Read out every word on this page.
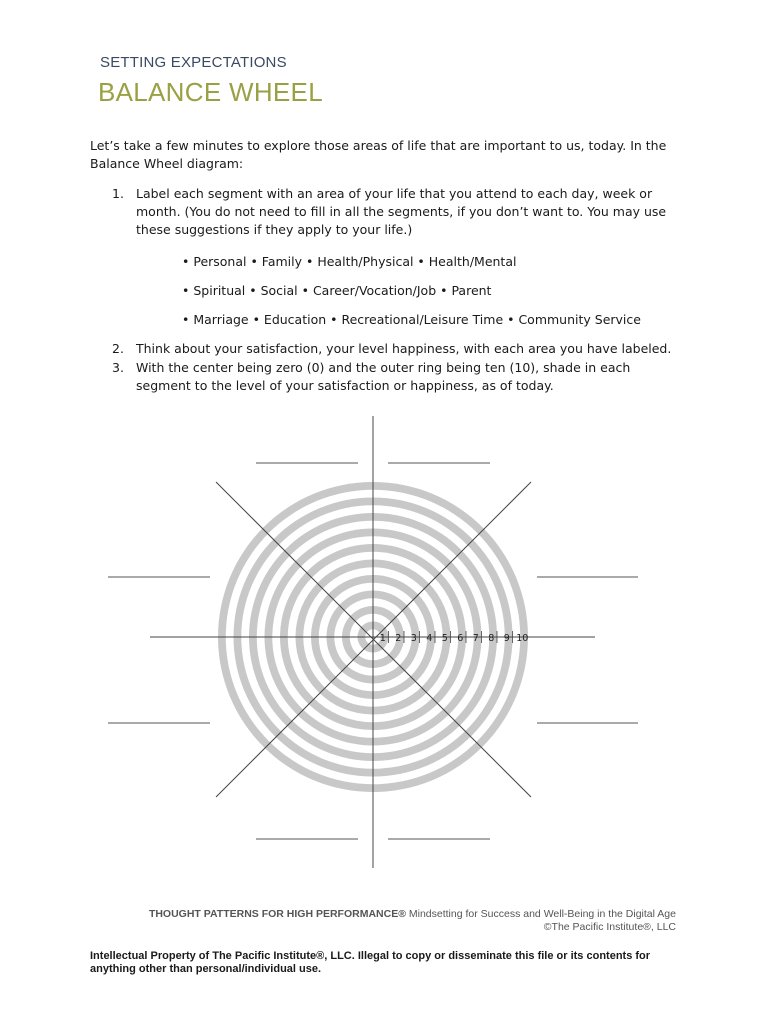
SETTING EXPECTATIONS
BALANCE WHEEL
Let’s take a few minutes to explore those areas of life that are important to us, today. In the Balance Wheel diagram:
1. Label each segment with an area of your life that you attend to each day, week or month. (You do not need to fill in all the segments, if you don’t want to. You may use these suggestions if they apply to your life.)
• Personal • Family • Health/Physical • Health/Mental
• Spiritual • Social • Career/Vocation/Job • Parent
• Marriage • Education • Recreational/Leisure Time • Community Service
2. Think about your satisfaction, your level happiness, with each area you have labeled.
3. With the center being zero (0) and the outer ring being ten (10), shade in each segment to the level of your satisfaction or happiness, as of today.
1 2 3 4 5 6 7 8 9 10
THOUGHT PATTERNS FOR HIGH PERFORMANCE® Mindsetting for Success and Well-Being in the Digital Age
©The Pacific Institute®, LLC
Intellectual Property of The Pacific Institute®, LLC. Illegal to copy or disseminate this file or its contents for anything other than personal/individual use.
